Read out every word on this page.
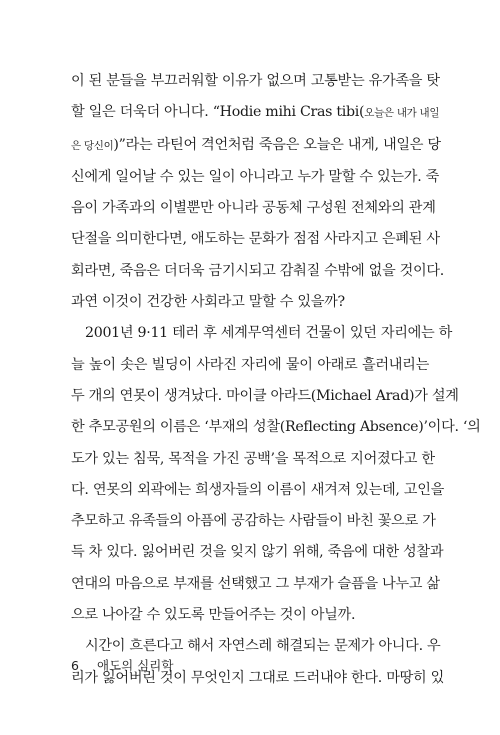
이 된 분들을 부끄러워할 이유가 없으며 고통받는 유가족을 탓
할 일은 더욱더 아니다. “Hodie mihi Cras tibi(오늘은 내가 내일
은 당신이)”라는 라틴어 격언처럼 죽음은 오늘은 내게, 내일은 당
신에게 일어날 수 있는 일이 아니라고 누가 말할 수 있는가. 죽
음이 가족과의 이별뿐만 아니라 공동체 구성원 전체와의 관계
단절을 의미한다면, 애도하는 문화가 점점 사라지고 은폐된 사
회라면, 죽음은 더더욱 금기시되고 감춰질 수밖에 없을 것이다.
과연 이것이 건강한 사회라고 말할 수 있을까?
2001년 9·11 테러 후 세계무역센터 건물이 있던 자리에는 하
늘 높이 솟은 빌딩이 사라진 자리에 물이 아래로 흘러내리는
두 개의 연못이 생겨났다. 마이클 아라드(Michael Arad)가 설계
한 추모공원의 이름은 ‘부재의 성찰(Reflecting Absence)’이다. ‘의
도가 있는 침묵, 목적을 가진 공백’을 목적으로 지어졌다고 한
다. 연못의 외곽에는 희생자들의 이름이 새겨져 있는데, 고인을
추모하고 유족들의 아픔에 공감하는 사람들이 바친 꽃으로 가
득 차 있다. 잃어버린 것을 잊지 않기 위해, 죽음에 대한 성찰과
연대의 마음으로 부재를 선택했고 그 부재가 슬픔을 나누고 삶
으로 나아갈 수 있도록 만들어주는 것이 아닐까.
시간이 흐른다고 해서 자연스레 해결되는 문제가 아니다. 우
리가 잃어버린 것이 무엇인지 그대로 드러내야 한다. 마땅히 있
6 애도의 심리학
